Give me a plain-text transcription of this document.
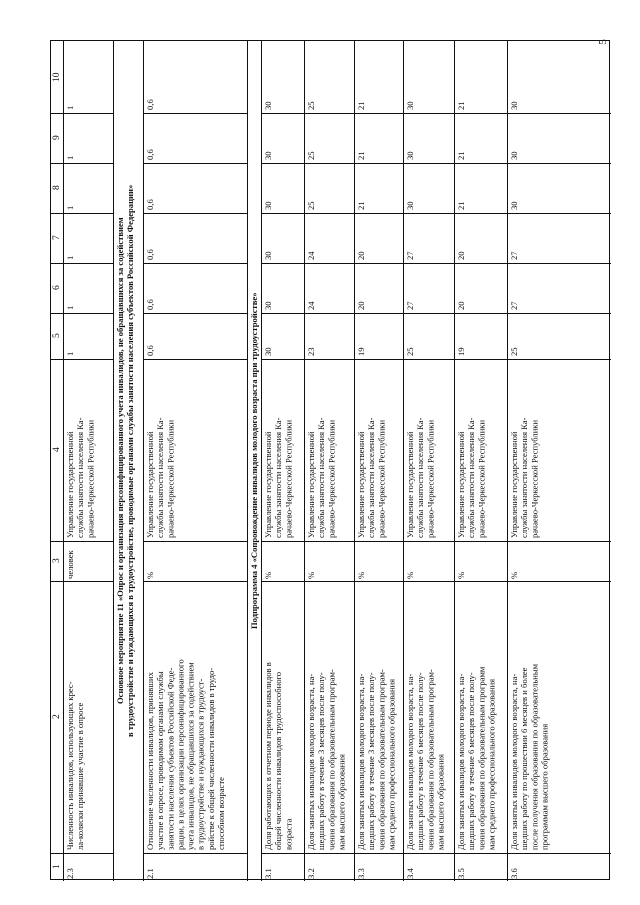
5
1
2
3
4
5
6
7
8
9
10
2.3
Численность инвалидов, использующих крес-
ла-коляски принявшие участие в опросе
человек
Управление государственной
службы занятости населения Ка-
рачаево-Черкесской Республики
1
1
1
1
1
1
Основное мероприятие 11 «Опрос и организация персонифицированного учета инвалидов, не обращавшихся за содействием
в трудоустройстве и нуждающихся в трудоустройстве, проводимые органами службы занятости населения субъектов Российской Федерации»
2.1
Отношение численности инвалидов, принявших
участие в опросе, проводимом органами службы
занятости населения субъектов Российской Феде-
рации, в целях организации персонифицированного
учета инвалидов, не обращавшихся за содействием
в трудоустройстве и нуждающихся в трудоуст-
ройстве к общей численности инвалидов в трудо-
способном возрасте
%
Управление государственной
службы занятости населения Ка-
рачаево-Черкесской Республики
0,6
0,6
0,6
0,6
0,6
0,6
Подпрограмма 4 «Сопровождение инвалидов молодого возраста при трудоустройстве»
3.1
Доля работающих в отчетном периоде инвалидов в
общей численности инвалидов трудоспособного
возраста
%
Управление государственной
службы занятости населения Ка-
рачаево-Черкесской Республики
30
30
30
30
30
30
3.2
Доля занятых инвалидов молодого возраста, на-
шедших работу в течение 3 месяцев после полу-
чения образования по образовательным програм-
мам высшего образования
%
Управление государственной
службы занятости населения Ка-
рачаево-Черкесской Республики
23
24
24
25
25
25
3.3
Доля занятых инвалидов молодого возраста, на-
шедших работу в течение 3 месяцев после полу-
чения образования по образовательным програм-
мам среднего профессионального образования
%
Управление государственной
службы занятости населения Ка-
рачаево-Черкесской Республики
19
20
20
21
21
21
3.4
Доля занятых инвалидов молодого возраста, на-
шедших работу в течение 6 месяцев после полу-
чения образования по образовательным програм-
мам высшего образования
%
Управление государственной
службы занятости населения Ка-
рачаево-Черкесской Республики
25
27
27
30
30
30
3.5
Доля занятых инвалидов молодого возраста, на-
шедших работу в течение 6 месяцев после полу-
чения образования по образовательным программ
мам среднего профессионального образования
%
Управление государственной
службы занятости населения Ка-
рачаево-Черкесской Республики
19
20
20
21
21
21
3.6
Доля занятых инвалидов молодого возраста, на-
шедших работу по прошествии 6 месяцев и более
после получения образования по образовательным
программам высшего образования
%
Управление государственной
службы занятости населения Ка-
рачаево-Черкесской Республики
25
27
27
30
30
30
